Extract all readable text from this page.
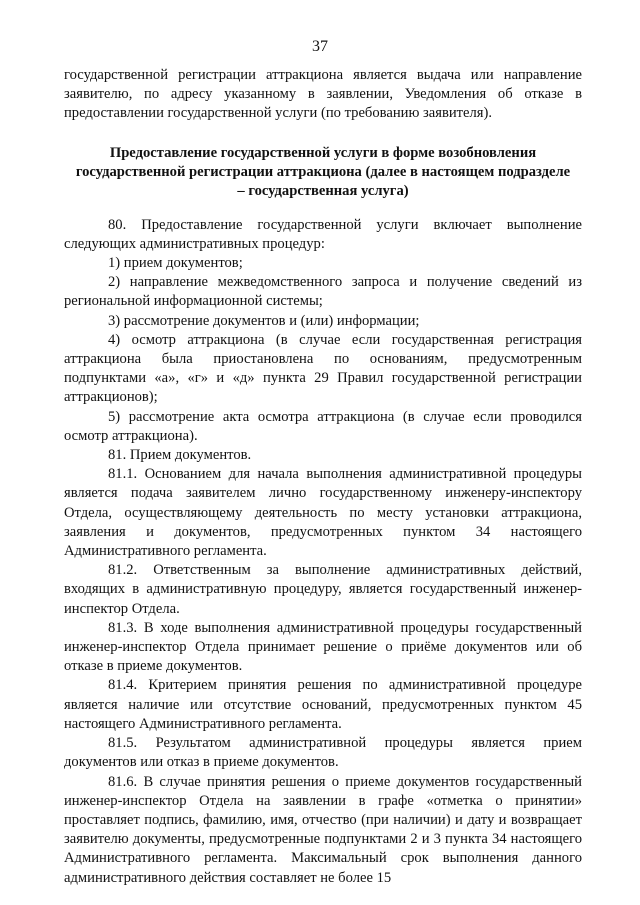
37

государственной регистрации аттракциона является выдача или направление заявителю, по адресу указанному в заявлении, Уведомления об отказе в предоставлении государственной услуги (по требованию заявителя).

Предоставление государственной услуги в форме возобновления государственной регистрации аттракциона (далее в настоящем подразделе – государственная услуга)

80. Предоставление государственной услуги включает выполнение следующих административных процедур:

1) прием документов;

2) направление межведомственного запроса и получение сведений из региональной информационной системы;

3) рассмотрение документов и (или) информации;

4) осмотр аттракциона (в случае если государственная регистрация аттракциона была приостановлена по основаниям, предусмотренным подпунктами «а», «г» и «д» пункта 29 Правил государственной регистрации аттракционов);

5) рассмотрение акта осмотра аттракциона (в случае если проводился осмотр аттракциона).

81. Прием документов.

81.1. Основанием для начала выполнения административной процедуры является подача заявителем лично государственному инженеру-инспектору Отдела, осуществляющему деятельность по месту установки аттракциона, заявления и документов, предусмотренных пунктом 34 настоящего Административного регламента.

81.2. Ответственным за выполнение административных действий, входящих в административную процедуру, является государственный инженер-инспектор Отдела.

81.3. В ходе выполнения административной процедуры государственный инженер-инспектор Отдела принимает решение о приёме документов или об отказе в приеме документов.

81.4. Критерием принятия решения по административной процедуре является наличие или отсутствие оснований, предусмотренных пунктом 45 настоящего Административного регламента.

81.5. Результатом административной процедуры является прием документов или отказ в приеме документов.

81.6. В случае принятия решения о приеме документов государственный инженер-инспектор Отдела на заявлении в графе «отметка о принятии» проставляет подпись, фамилию, имя, отчество (при наличии) и дату и возвращает заявителю документы, предусмотренные подпунктами 2 и 3 пункта 34 настоящего Административного регламента. Максимальный срок выполнения данного административного действия составляет не более 15
